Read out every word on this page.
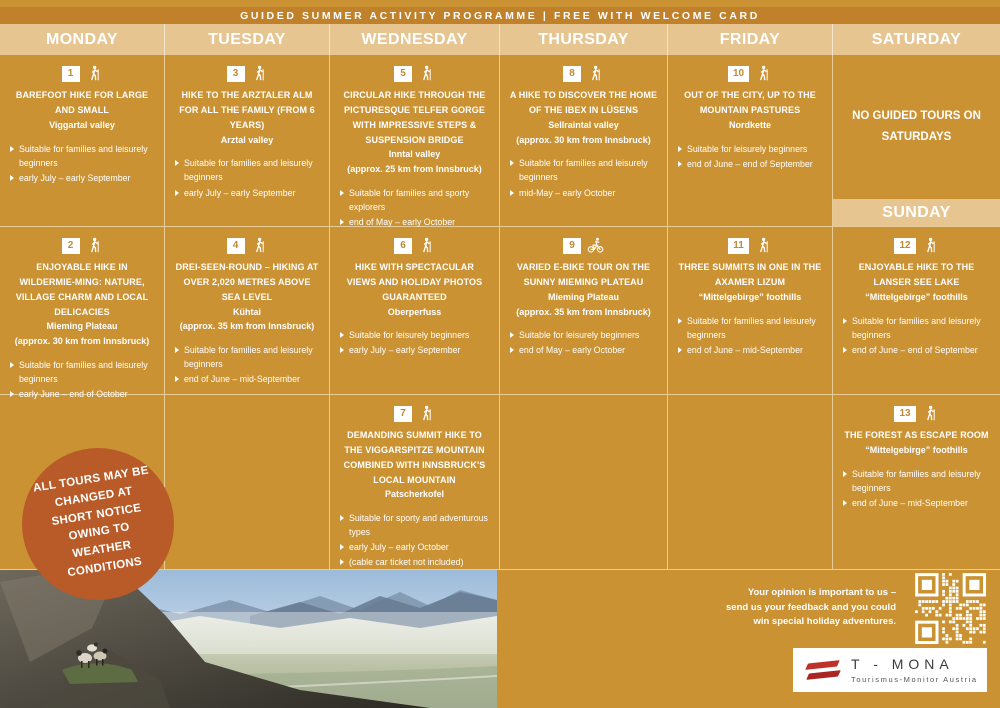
GUIDED SUMMER ACTIVITY PROGRAMME | FREE WITH WELCOME CARD
MONDAY	TUESDAY	WEDNESDAY	THURSDAY	FRIDAY	SATURDAY
1
BAREFOOT HIKE FOR LARGE AND SMALL
Viggartal valley
Suitable for families and leisurely beginners
early July – early September
3
HIKE TO THE ARZTALER ALM FOR ALL THE FAMILY (FROM 6 YEARS)
Arztal valley
Suitable for families and leisurely beginners
early July – early September
5
CIRCULAR HIKE THROUGH THE PICTURESQUE TELFER GORGE WITH IMPRESSIVE STEPS & SUSPENSION BRIDGE
Inntal valley
(approx. 25 km from Innsbruck)
Suitable for families and sporty explorers
end of May – early October
8
A HIKE TO DISCOVER THE HOME OF THE IBEX IN LÜSENS
Sellraintal valley
(approx. 30 km from Innsbruck)
Suitable for families and leisurely beginners
mid-May – early October
10
OUT OF THE CITY, UP TO THE MOUNTAIN PASTURES
Nordkette
Suitable for leisurely beginners
end of June – end of September
NO GUIDED TOURS ON SATURDAYS
SUNDAY
2
ENJOYABLE HIKE IN WILDERMIE-MING: NATURE, VILLAGE CHARM AND LOCAL DELICACIES
Mieming Plateau
(approx. 30 km from Innsbruck)
Suitable for families and leisurely beginners
early June – end of October
4
DREI-SEEN-ROUND – HIKING AT OVER 2,020 METRES ABOVE SEA LEVEL
Kühtai
(approx. 35 km from Innsbruck)
Suitable for families and leisurely beginners
end of June – mid-September
6
HIKE WITH SPECTACULAR VIEWS AND HOLIDAY PHOTOS GUARANTEED
Oberperfuss
Suitable for leisurely beginners
early July – early September
9
VARIED E-BIKE TOUR ON THE SUNNY MIEMING PLATEAU
Mieming Plateau
(approx. 35 km from Innsbruck)
Suitable for leisurely beginners
end of May – early October
11
THREE SUMMITS IN ONE IN THE AXAMER LIZUM
“Mittelgebirge” foothills
Suitable for families and leisurely beginners
end of June – mid-September
12
ENJOYABLE HIKE TO THE LANSER SEE LAKE
“Mittelgebirge” foothills
Suitable for families and leisurely beginners
end of June – end of September
7
DEMANDING SUMMIT HIKE TO THE VIGGARSPITZE MOUNTAIN COMBINED WITH INNSBRUCK'S LOCAL MOUNTAIN
Patscherkofel
Suitable for sporty and adventurous types
early July – early October
(cable car ticket not included)
13
THE FOREST AS ESCAPE ROOM
“Mittelgebirge” foothills
Suitable for families and leisurely beginners
end of June – mid-September
ALL TOURS MAY BE CHANGED AT SHORT NOTICE OWING TO WEATHER CONDITIONS
Your opinion is important to us –
send us your feedback and you could
win special holiday adventures.
T - MONA
Tourismus-Monitor Austria
